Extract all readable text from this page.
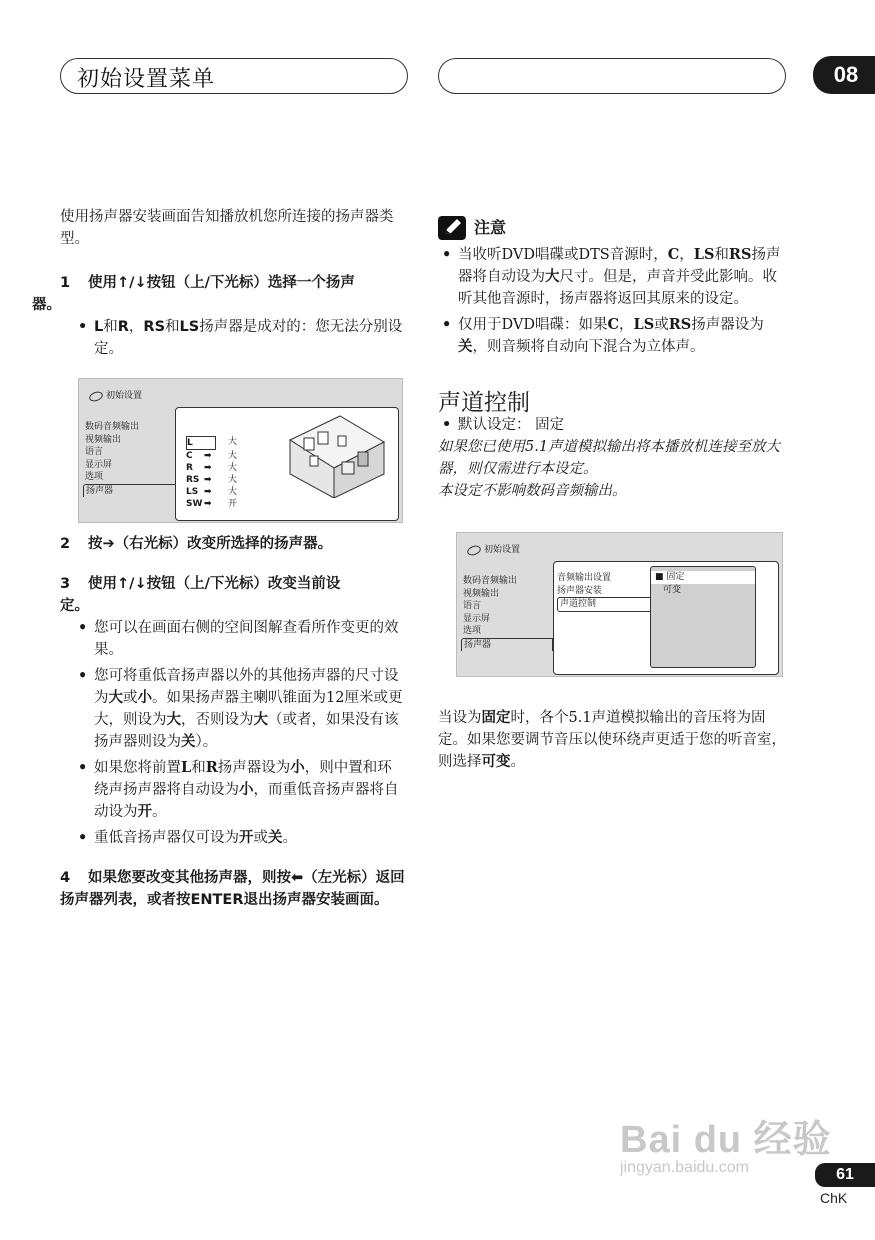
初始设置菜单	08

使用扬声器安装画面告知播放机您所连接的扬声器类型。

1 使用↑/↓按钮（上/下光标）选择一个扬声
器。

• L和R，RS和LS扬声器是成对的：您无法分别设定。
初始设置
数码音频输出
视频输出
语言
显示屏
选项
扬声器
L	大
C	➡	大
R	➡	大
RS ➡	大
LS ➡	大
SW ➡	开

2 按➔（右光标）改变所选择的扬声器。

3 使用↑/↓按钮（上/下光标）改变当前设
定。

• 您可以在画面右侧的空间图解查看所作变更的效果。
• 您可将重低音扬声器以外的其他扬声器的尺寸设为大或小。如果扬声器主喇叭锥面为12厘米或更大，则设为大，否则设为大（或者，如果没有该扬声器则设为关）。
• 如果您将前置L和R扬声器设为小，则中置和环绕声扬声器将自动设为小，而重低音扬声器将自动设为开。
• 重低音扬声器仅可设为开或关。

4 如果您要改变其他扬声器，则按⬅（左光标）返回扬声器列表，或者按ENTER退出扬声器安装画面。

注意
• 当收听DVD唱碟或DTS音源时，C，LS和RS扬声器将自动设为大尺寸。但是，声音并受此影响。收听其他音源时，扬声器将返回其原来的设定。
• 仅用于DVD唱碟：如果C，LS或RS扬声器设为关，则音频将自动向下混合为立体声。
声道控制
• 默认设定： 固定

如果您已使用5.1声道模拟输出将本播放机连接至放大器，则仅需进行本设定。

本设定不影响数码音频输出。

初始设置
数码音频输出
视频输出
语言
显示屏
选项
扬声器
音频输出设置
扬声器安装
声道控制
■ 固定
可变

当设为固定时，各个5.1声道模拟输出的音压将为固定。如果您要调节音压以使环绕声更适于您的听音室，则选择可变。

Bai du 经验
jingyan.baidu.com	61
ChK
